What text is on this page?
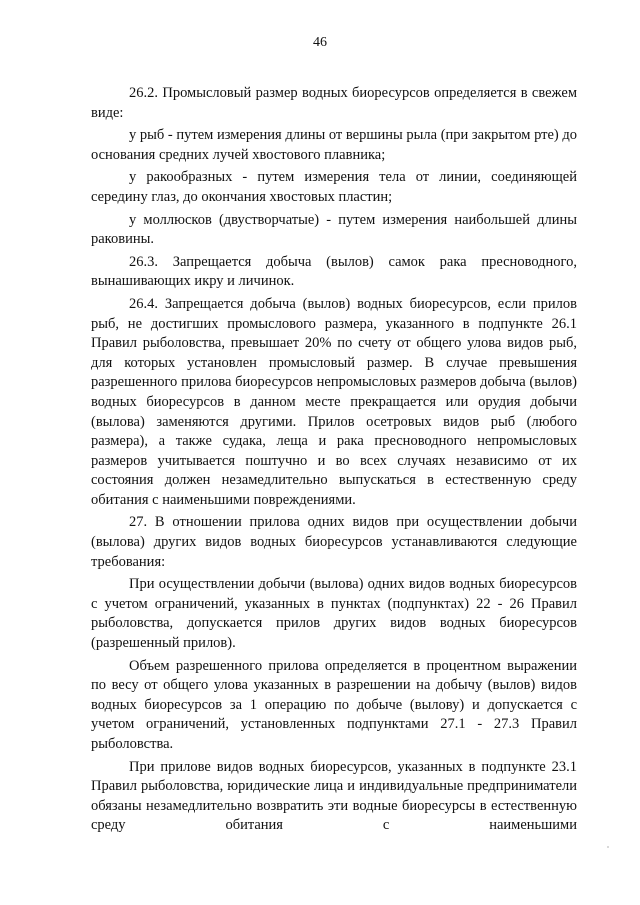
46

26.2. Промысловый размер водных биоресурсов определяется в свежем виде:

у рыб - путем измерения длины от вершины рыла (при закрытом рте) до основания средних лучей хвостового плавника;

у ракообразных - путем измерения тела от линии, соединяющей середину глаз, до окончания хвостовых пластин;

у моллюсков (двустворчатые) - путем измерения наибольшей длины раковины.

26.3. Запрещается добыча (вылов) самок рака пресноводного, вынашивающих икру и личинок.

26.4. Запрещается добыча (вылов) водных биоресурсов, если прилов рыб, не достигших промыслового размера, указанного в подпункте 26.1 Правил рыболовства, превышает 20% по счету от общего улова видов рыб, для которых установлен промысловый размер. В случае превышения разрешенного прилова биоресурсов непромысловых размеров добыча (вылов) водных биоресурсов в данном месте прекращается или орудия добычи (вылова) заменяются другими. Прилов осетровых видов рыб (любого размера), а также судака, леща и рака пресноводного непромысловых размеров учитывается поштучно и во всех случаях независимо от их состояния должен незамедлительно выпускаться в естественную среду обитания с наименьшими повреждениями.

27. В отношении прилова одних видов при осуществлении добычи (вылова) других видов водных биоресурсов устанавливаются следующие требования:

При осуществлении добычи (вылова) одних видов водных биоресурсов с учетом ограничений, указанных в пунктах (подпунктах) 22 - 26 Правил рыболовства, допускается прилов других видов водных биоресурсов (разрешенный прилов).

Объем разрешенного прилова определяется в процентном выражении по весу от общего улова указанных в разрешении на добычу (вылов) видов водных биоресурсов за 1 операцию по добыче (вылову) и допускается с учетом ограничений, установленных подпунктами 27.1 - 27.3 Правил рыболовства.

При прилове видов водных биоресурсов, указанных в подпункте 23.1 Правил рыболовства, юридические лица и индивидуальные предприниматели обязаны незамедлительно возвратить эти водные биоресурсы в естественную среду обитания с наименьшими
